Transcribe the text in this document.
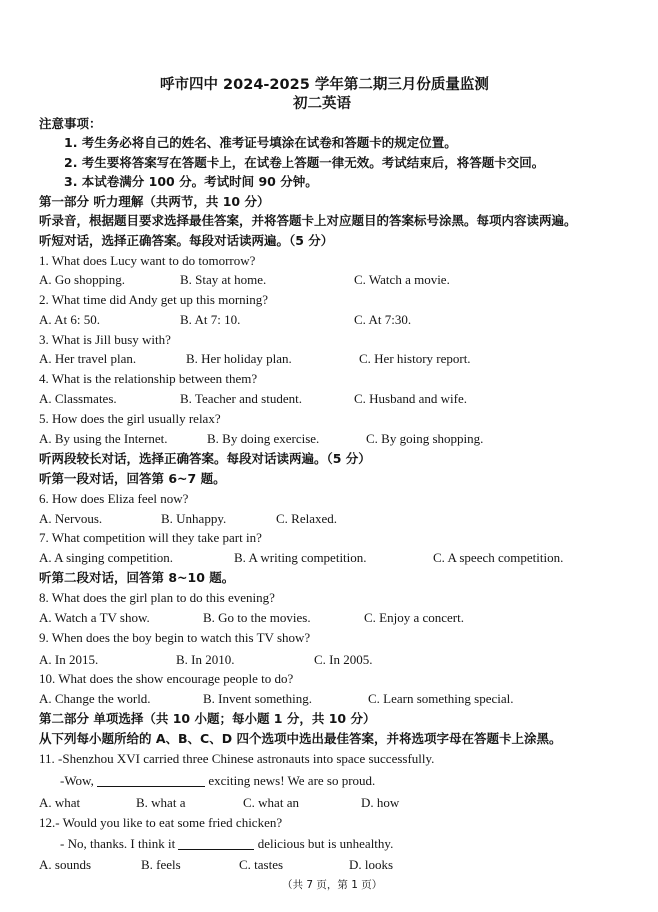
呼市四中 2024-2025 学年第二期三月份质量监测
初二英语
注意事项：
1. 考生务必将自己的姓名、准考证号填涂在试卷和答题卡的规定位置。
2. 考生要将答案写在答题卡上，在试卷上答题一律无效。考试结束后，将答题卡交回。
3. 本试卷满分 100 分。考试时间 90 分钟。
第一部分 听力理解（共两节，共 10 分）
听录音，根据题目要求选择最佳答案，并将答题卡上对应题目的答案标号涂黑。每项内容读两遍。
听短对话，选择正确答案。每段对话读两遍。（5 分）
1. What does Lucy want to do tomorrow?
A. Go shopping.	B. Stay at home.	C. Watch a movie.
2. What time did Andy get up this morning?
A. At 6: 50.	B. At 7: 10.	C. At 7:30.
3. What is Jill busy with?
A. Her travel plan.	B. Her holiday plan.	C. Her history report.
4. What is the relationship between them?
A. Classmates.	B. Teacher and student.	C. Husband and wife.
5. How does the girl usually relax?
A. By using the Internet.	B. By doing exercise.	C. By going shopping.
听两段较长对话，选择正确答案。每段对话读两遍。（5 分）
听第一段对话，回答第 6~7 题。
6. How does Eliza feel now?
A. Nervous.	B. Unhappy.	C. Relaxed.
7. What competition will they take part in?
A. A singing competition.	B. A writing competition.	C. A speech competition.
听第二段对话，回答第 8~10 题。
8. What does the girl plan to do this evening?
A. Watch a TV show.	B. Go to the movies.	C. Enjoy a concert.
9. When does the boy begin to watch this TV show?
A. In 2015.	B. In 2010.	C. In 2005.
10. What does the show encourage people to do?
A. Change the world.	B. Invent something.	C. Learn something special.
第二部分 单项选择（共 10 小题；每小题 1 分，共 10 分）
从下列每小题所给的 A、B、C、D 四个选项中选出最佳答案，并将选项字母在答题卡上涂黑。
11. -Shenzhou XVI carried three Chinese astronauts into space successfully.
-Wow,	exciting news! We are so proud.
A. what	B. what a	C. what an	D. how
12.- Would you like to eat some fried chicken?
- No, thanks. I think it	delicious but is unhealthy.
A. sounds	B. feels	C. tastes	D. looks
（共 7 页，第 1 页）
